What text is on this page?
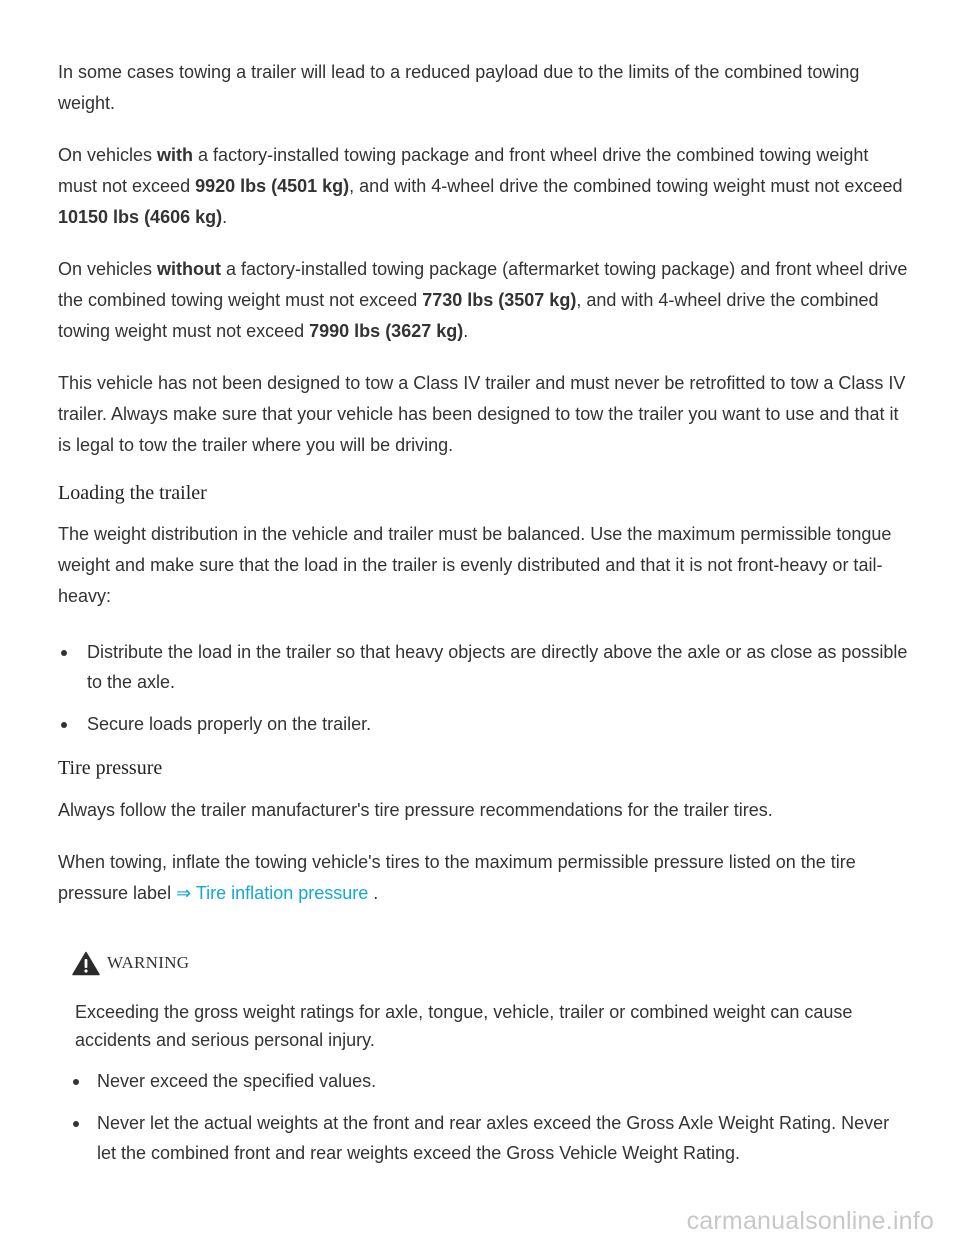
In some cases towing a trailer will lead to a reduced payload due to the limits of the combined towing weight.

On vehicles with a factory-installed towing package and front wheel drive the combined towing weight must not exceed 9920 lbs (4501 kg), and with 4-wheel drive the combined towing weight must not exceed 10150 lbs (4606 kg).

On vehicles without a factory-installed towing package (aftermarket towing package) and front wheel drive the combined towing weight must not exceed 7730 lbs (3507 kg), and with 4-wheel drive the combined towing weight must not exceed 7990 lbs (3627 kg).

This vehicle has not been designed to tow a Class IV trailer and must never be retrofitted to tow a Class IV trailer. Always make sure that your vehicle has been designed to tow the trailer you want to use and that it is legal to tow the trailer where you will be driving.

Loading the trailer

The weight distribution in the vehicle and trailer must be balanced. Use the maximum permissible tongue weight and make sure that the load in the trailer is evenly distributed and that it is not front-heavy or tail-heavy:

Distribute the load in the trailer so that heavy objects are directly above the axle or as close as possible to the axle.
Secure loads properly on the trailer.
Tire pressure

Always follow the trailer manufacturer's tire pressure recommendations for the trailer tires.

When towing, inflate the towing vehicle's tires to the maximum permissible pressure listed on the tire pressure label ⇒ Tire inflation pressure .

WARNING

Exceeding the gross weight ratings for axle, tongue, vehicle, trailer or combined weight can cause accidents and serious personal injury.

Never exceed the specified values.
Never let the actual weights at the front and rear axles exceed the Gross Axle Weight Rating. Never let the combined front and rear weights exceed the Gross Vehicle Weight Rating.
carmanualsonline.info
